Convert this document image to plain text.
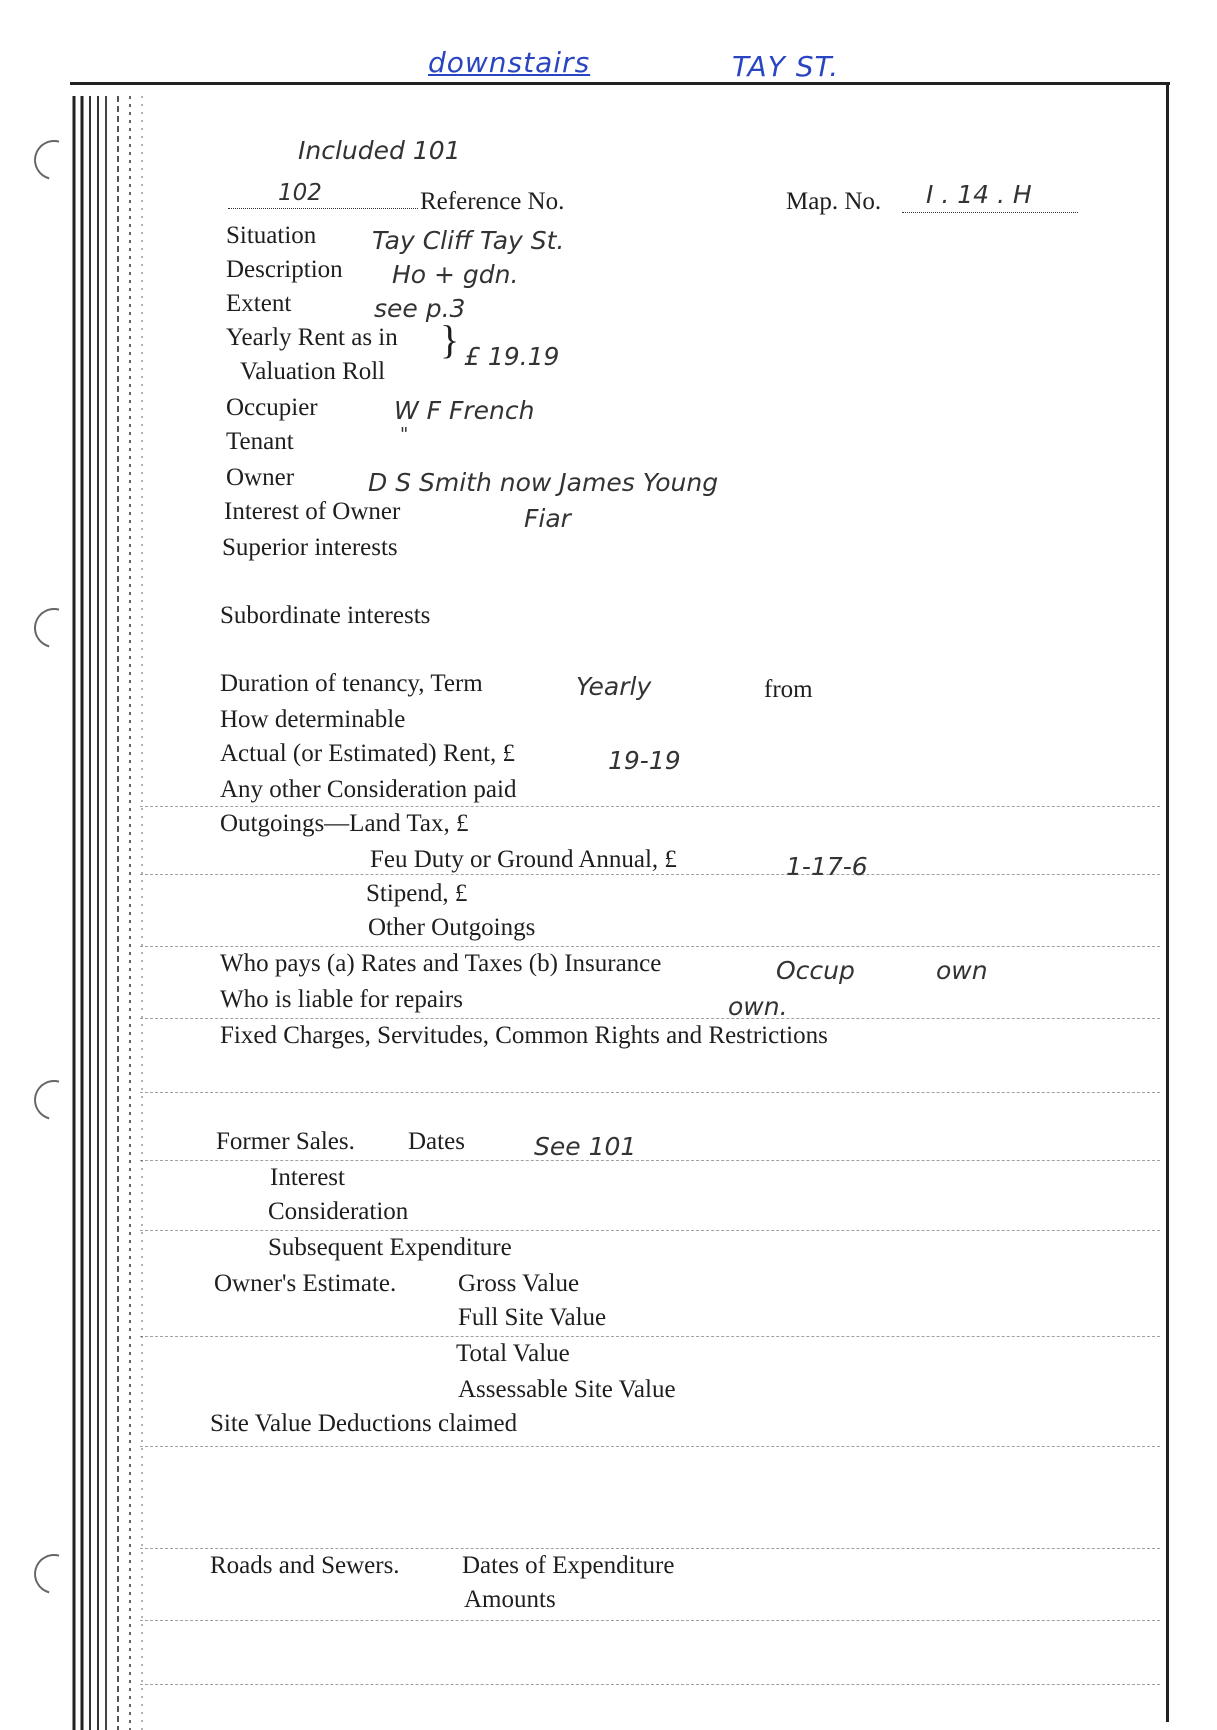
downstairs	TAY ST.
Included 101
102	Reference No.	Map. No. I . 14 . H
Situation Tay Cliff Tay St.
Description Ho + gdn.
Extent	see p.3
Yearly Rent as in
Valuation Roll
} £ 19.19
Occupier	W F French
Tenant	"
Owner	D S Smith now James Young
Interest of Owner	Fiar
Superior interests
Subordinate interests
Duration of tenancy, Term	Yearly	from
How determinable
Actual (or Estimated) Rent, £	19-19
Any other Consideration paid
Outgoings—Land Tax, £
Feu Duty or Ground Annual, £	1-17-6
Stipend, £
Other Outgoings
Who pays (a) Rates and Taxes (b) Insurance	Occup	own
Who is liable for repairs	own.
Fixed Charges, Servitudes, Common Rights and Restrictions
Former Sales. Dates	See 101
Interest
Consideration
Subsequent Expenditure
Owner's Estimate. Gross Value
Full Site Value
Total Value
Assessable Site Value
Site Value Deductions claimed
Roads and Sewers. Dates of Expenditure
Amounts
